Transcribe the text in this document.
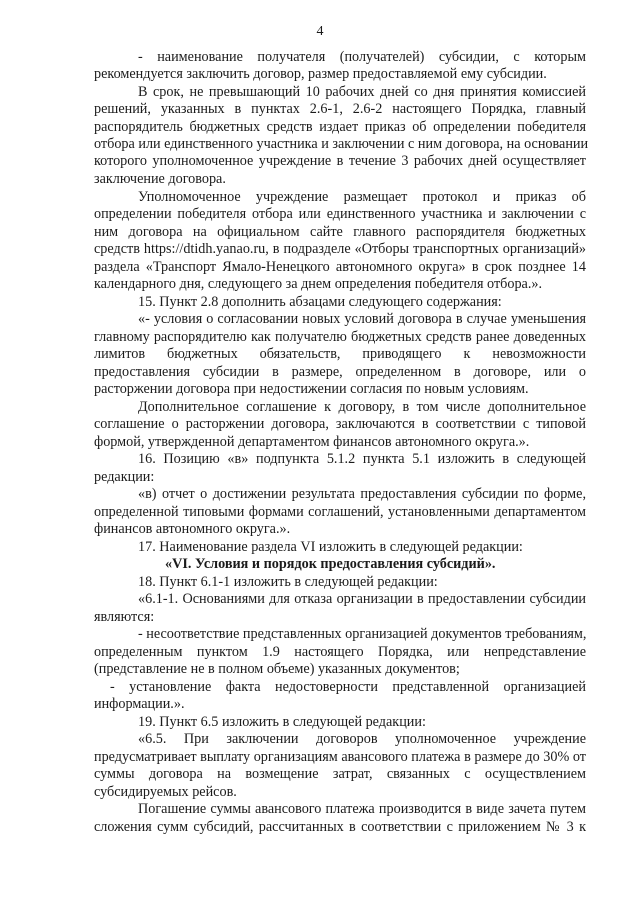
4
- наименование получателя (получателей) субсидии, с которым
рекомендуется заключить договор, размер предоставляемой ему субсидии.
В срок, не превышающий 10 рабочих дней со дня принятия комиссией
решений, указанных в пунктах 2.6-1, 2.6-2 настоящего Порядка, главный
распорядитель бюджетных средств издает приказ об определении победителя
отбора или единственного участника и заключении с ним договора, на основании
которого уполномоченное учреждение в течение 3 рабочих дней осуществляет
заключение договора.
Уполномоченное учреждение размещает протокол и приказ об
определении победителя отбора или единственного участника и заключении с
ним договора на официальном сайте главного распорядителя бюджетных
средств https://dtidh.yanao.ru, в подразделе «Отборы транспортных организаций»
раздела «Транспорт Ямало-Ненецкого автономного округа» в срок позднее 14
календарного дня, следующего за днем определения победителя отбора.».
15. Пункт 2.8 дополнить абзацами следующего содержания:
«- условия о согласовании новых условий договора в случае уменьшения
главному распорядителю как получателю бюджетных средств ранее доведенных
лимитов бюджетных обязательств, приводящего к невозможности
предоставления субсидии в размере, определенном в договоре, или о
расторжении договора при недостижении согласия по новым условиям.
Дополнительное соглашение к договору, в том числе дополнительное
соглашение о расторжении договора, заключаются в соответствии с типовой
формой, утвержденной департаментом финансов автономного округа.».
16. Позицию «в» подпункта 5.1.2 пункта 5.1 изложить в следующей
редакции:
«в) отчет о достижении результата предоставления субсидии по форме,
определенной типовыми формами соглашений, установленными департаментом
финансов автономного округа.».
17. Наименование раздела VI изложить в следующей редакции:
«VI. Условия и порядок предоставления субсидий».
18. Пункт 6.1-1 изложить в следующей редакции:
«6.1-1. Основаниями для отказа организации в предоставлении субсидии
являются:
- несоответствие представленных организацией документов требованиям,
определенным пунктом 1.9 настоящего Порядка, или непредставление
(представление не в полном объеме) указанных документов;
- установление факта недостоверности представленной организацией
информации.».
19. Пункт 6.5 изложить в следующей редакции:
«6.5. При заключении договоров уполномоченное учреждение
предусматривает выплату организациям авансового платежа в размере до 30% от
суммы договора на возмещение затрат, связанных с осуществлением
субсидируемых рейсов.
Погашение суммы авансового платежа производится в виде зачета путем
сложения сумм субсидий, рассчитанных в соответствии с приложением № 3 к
